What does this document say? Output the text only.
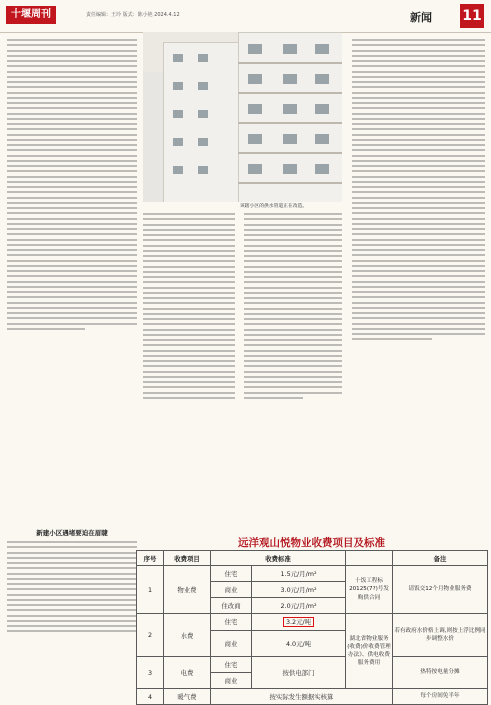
十堰周刊	责任编辑：王玲 版式：陈小艳 2024.4.12	新闻 11
新建小区遇堵要迫在眉睫
该辖小区的供水管道正在改造。
远洋观山悦物业收费项目及标准
序号	收费项目	收费标准			备注
1	物业费	住宅	1.5元/月/m²	十饭工程标20125(7?)号发购供合同	请饭交12个月物业服务费
		商业	3.0元/月/m²		
		住改商	2.0元/月/m²		
2	水费	住宅	3.2元/吨	湖北省物业服务(收费)价收费管理办法》、供电收费服务费用	若有政府水价格上调,则按上浮比例同步调整水价
		商业	4.0元/吨		
3	电费	住宅	按供电部门		热特按电量分摊
		商业			
4	暖气费	按实际发生额据实核算			每个房间免半年
